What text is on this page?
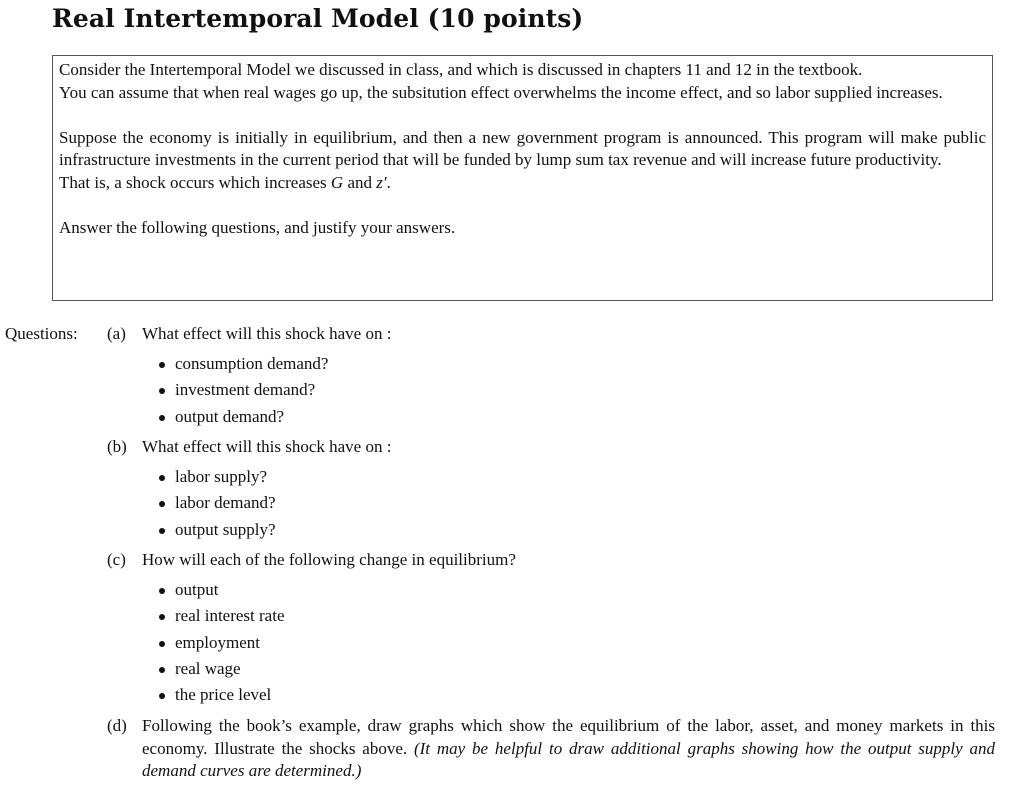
Real Intertemporal Model (10 points)

Consider the Intertemporal Model we discussed in class, and which is discussed in chapters 11 and 12 in the textbook.

You can assume that when real wages go up, the subsitution effect overwhelms the income effect, and so labor supplied increases.

Suppose the economy is initially in equilibrium, and then a new government program is announced. This program will make public infrastructure investments in the current period that will be funded by lump sum tax revenue and will increase future productivity.

That is, a shock occurs which increases G and z′.

Answer the following questions, and justify your answers.

Questions: (a) What effect will this shock have on :
consumption demand?
investment demand?
output demand?
(b) What effect will this shock have on :
labor supply?
labor demand?
output supply?
(c) How will each of the following change in equilibrium?
output
real interest rate
employment
real wage
the price level
(d) Following the book’s example, draw graphs which show the equilibrium of the labor, asset, and money markets in this economy. Illustrate the shocks above. (It may be helpful to draw additional graphs showing how the output supply and demand curves are determined.)
